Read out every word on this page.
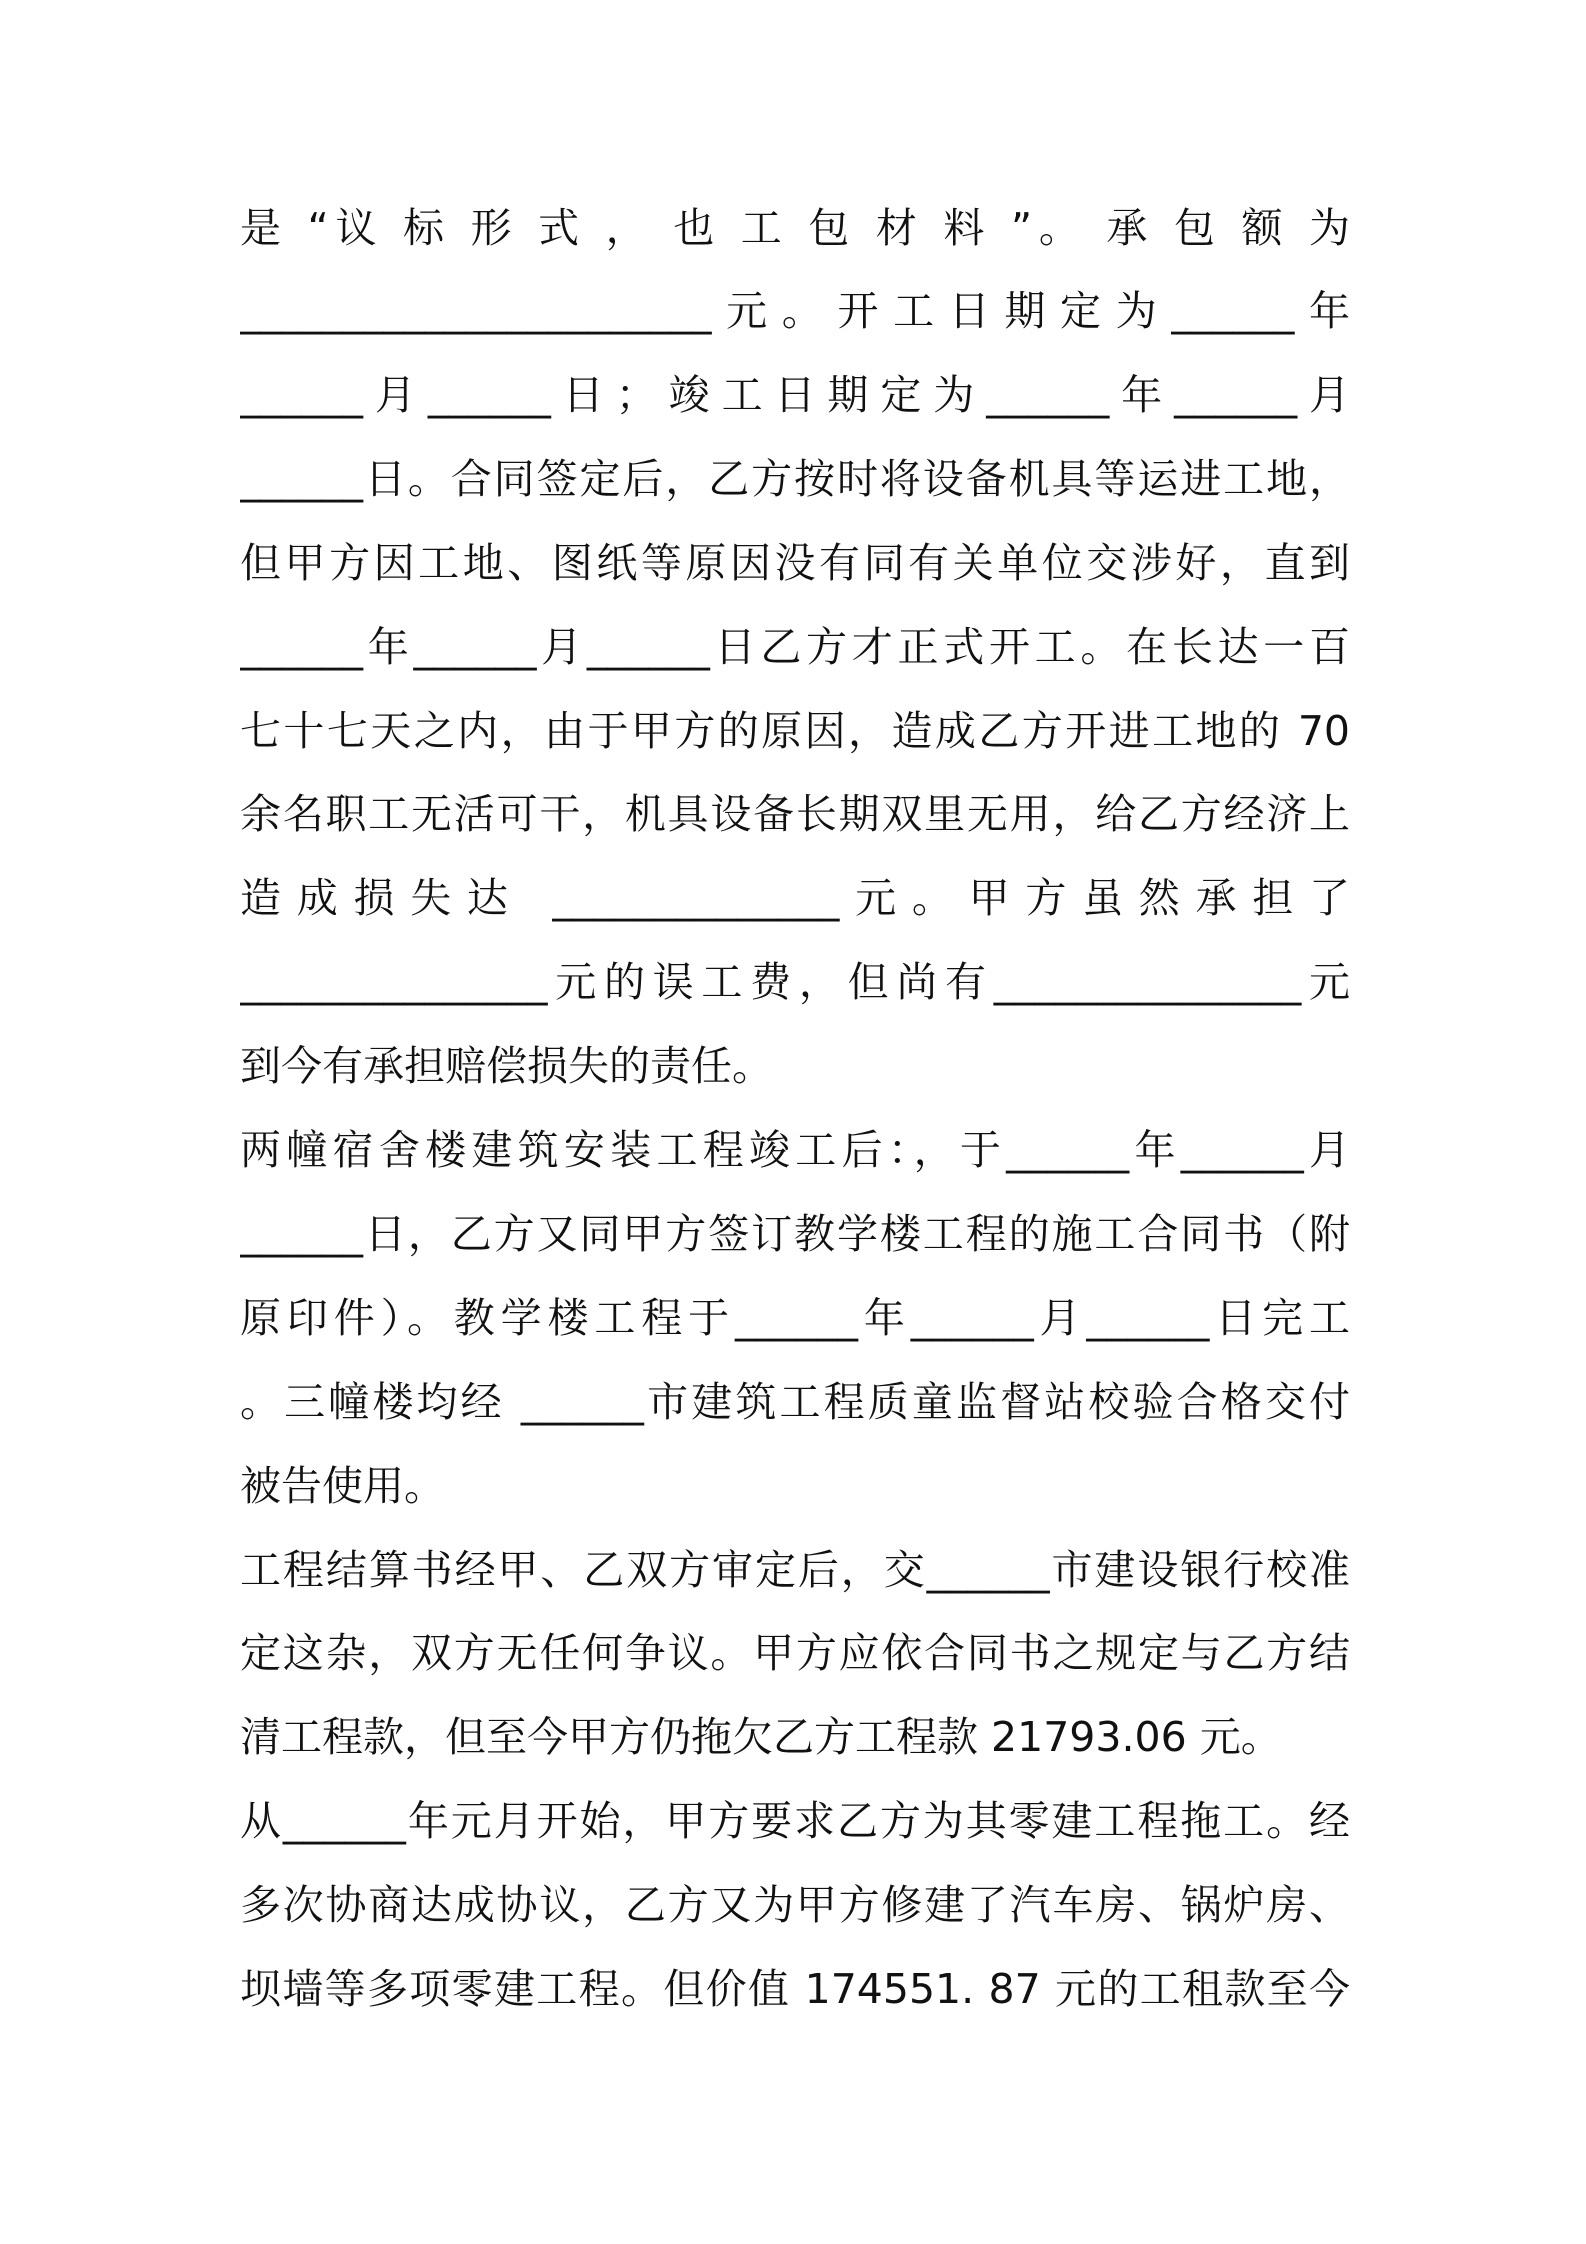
是 “议 标 形 式 ， 也 工 包 材 料 ”。 承 包 额 为
_______________________元。开工日期定为______年
______月______日；竣工日期定为______年______月
______日。合同签定后，乙方按时将设备机具等运进工地，
但甲方因工地、图纸等原因没有同有关单位交涉好，直到
______年______月______日乙方才正式开工。在长达一百
七十七天之内，由于甲方的原因，造成乙方开进工地的 70
余名职工无活可干，机具设备长期双里无用，给乙方经济上
造成损失达 ______________元。甲方虽然承担了
_______________元的误工费，但尚有_______________元
到今有承担赔偿损失的责任。
两幢宿舍楼建筑安装工程竣工后：，于______年______月
______日，乙方又同甲方签订教学楼工程的施工合同书（附
原印件）。教学楼工程于______年______月______日完工
。三幢楼均经 ______市建筑工程质童监督站校验合格交付
被告使用。
工程结算书经甲、乙双方审定后，交______市建设银行校准
定这杂，双方无任何争议。甲方应依合同书之规定与乙方结
清工程款，但至今甲方仍拖欠乙方工程款 21793.06 元。
从______年元月开始，甲方要求乙方为其零建工程拖工。经
多次协商达成协议，乙方又为甲方修建了汽车房、锅炉房、
坝墙等多项零建工程。但价值 174551. 87 元的工租款至今
